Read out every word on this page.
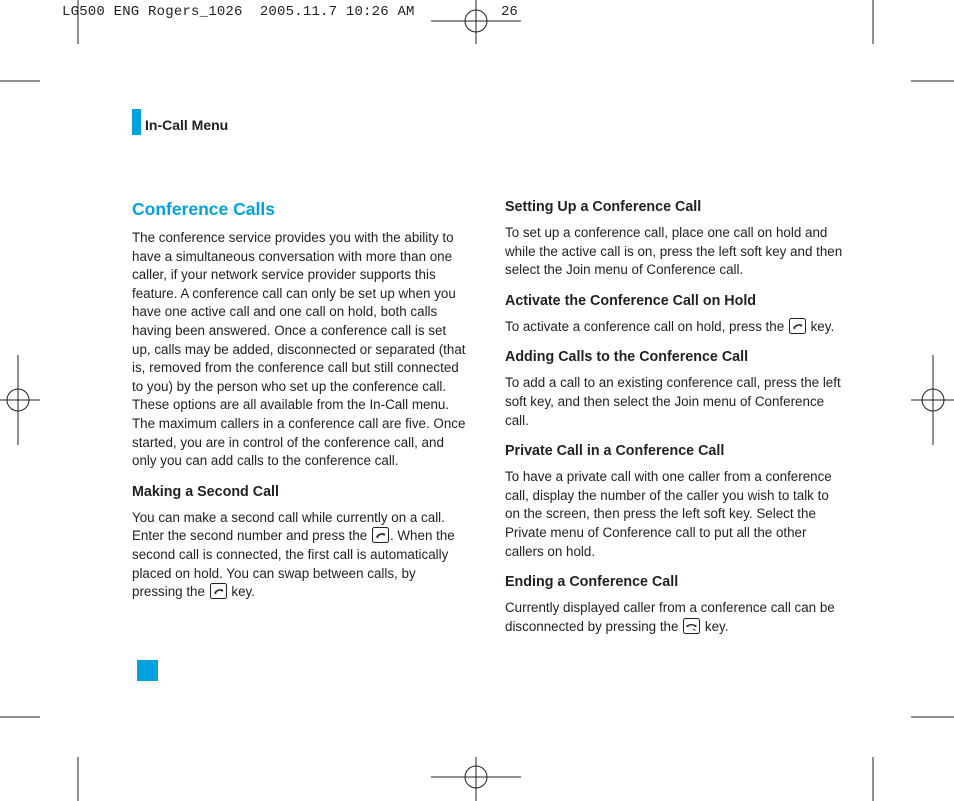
LG500 ENG Rogers_1026  2005.11.7 10:26 AM	26
In-Call Menu
Conference Calls

The conference service provides you with the ability to have a simultaneous conversation with more than one caller, if your network service provider supports this feature. A conference call can only be set up when you have one active call and one call on hold, both calls having been answered. Once a conference call is set up, calls may be added, disconnected or separated (that is, removed from the conference call but still connected to you) by the person who set up the conference call. These options are all available from the In-Call menu. The maximum callers in a conference call are five. Once started, you are in control of the conference call, and only you can add calls to the conference call.

Making a Second Call

You can make a second call while currently on a call. Enter the second number and press the . When the second call is connected, the first call is automatically placed on hold. You can swap between calls, by pressing the  key.

Setting Up a Conference Call

To set up a conference call, place one call on hold and while the active call is on, press the left soft key and then select the Join menu of Conference call.

Activate the Conference Call on Hold

To activate a conference call on hold, press the  key.

Adding Calls to the Conference Call

To add a call to an existing conference call, press the left soft key, and then select the Join menu of Conference call.

Private Call in a Conference Call

To have a private call with one caller from a conference call, display the number of the caller you wish to talk to on the screen, then press the left soft key. Select the Private menu of Conference call to put all the other callers on hold.

Ending a Conference Call

Currently displayed caller from a conference call can be disconnected by pressing the  key.
